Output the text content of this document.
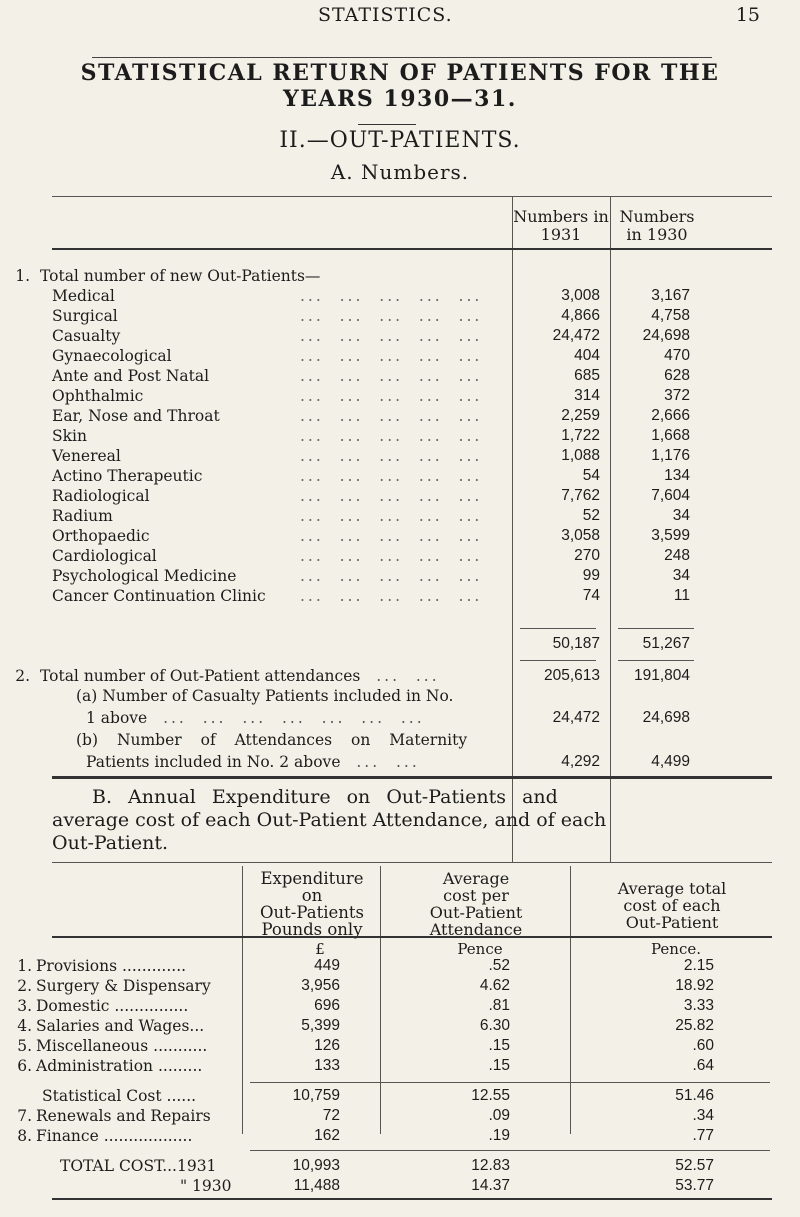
STATISTICS.	15
STATISTICAL RETURN OF PATIENTS FOR THE
YEARS 1930—31.
II.—OUT-PATIENTS.
A. Numbers.
Numbers in 1931
Numbers in 1930
1. Total number of new Out-Patients—
Medical	...  ...  ...  ...  ...	3,008	3,167
Surgical	...  ...  ...  ...  ...	4,866	4,758
Casualty	...  ...  ...  ...  ...	24,472	24,698
Gynaecological	...  ...  ...  ...  ...	404	470
Ante and Post Natal	...  ...  ...  ...  ...	685	628
Ophthalmic	...  ...  ...  ...  ...	314	372
Ear, Nose and Throat	...  ...  ...  ...  ...	2,259	2,666
Skin	...  ...  ...  ...  ...	1,722	1,668
Venereal	...  ...  ...  ...  ...	1,088	1,176
Actino Therapeutic	...  ...  ...  ...  ...	54	134
Radiological	...  ...  ...  ...  ...	7,762	7,604
Radium	...  ...  ...  ...  ...	52	34
Orthopaedic	...  ...  ...  ...  ...	3,058	3,599
Cardiological	...  ...  ...  ...  ...	270	248
Psychological Medicine	...  ...  ...  ...  ...	99	34
Cancer Continuation Clinic ...  ...  ...  ...  ...	74	11
50,187	51,267
2. Total number of Out-Patient attendances  ...  ...	205,613	191,804
(a) Number of Casualty Patients included in No.
1 above  ...  ...  ...  ...  ...  ...  ...	24,472	24,698
(b) Number of Attendances on Maternity
Patients included in No. 2 above  ...  ...	4,292	4,499
B. Annual Expenditure on Out-Patients and
average cost of each Out-Patient Attendance, and of each
Out-Patient.
Expenditure
on
Out-Patients
Pounds only
Average
cost per
Out-Patient
Attendance
Average total
cost of each
Out-Patient
£	Pence	Pence.
1. Provisions .............	449	.52	2.15
2. Surgery & Dispensary	3,956	4.62	18.92
3. Domestic ...............	696	.81	3.33
4. Salaries and Wages...	5,399	6.30	25.82
5. Miscellaneous ...........	126	.15	.60
6. Administration .........	133	.15	.64
Statistical Cost ......	10,759	12.55	51.46
7. Renewals and Repairs	72	.09	.34
8. Finance ..................	162	.19	.77
TOTAL COST...1931	10,993	12.83	52.57
" 1930	11,488	14.37	53.77
